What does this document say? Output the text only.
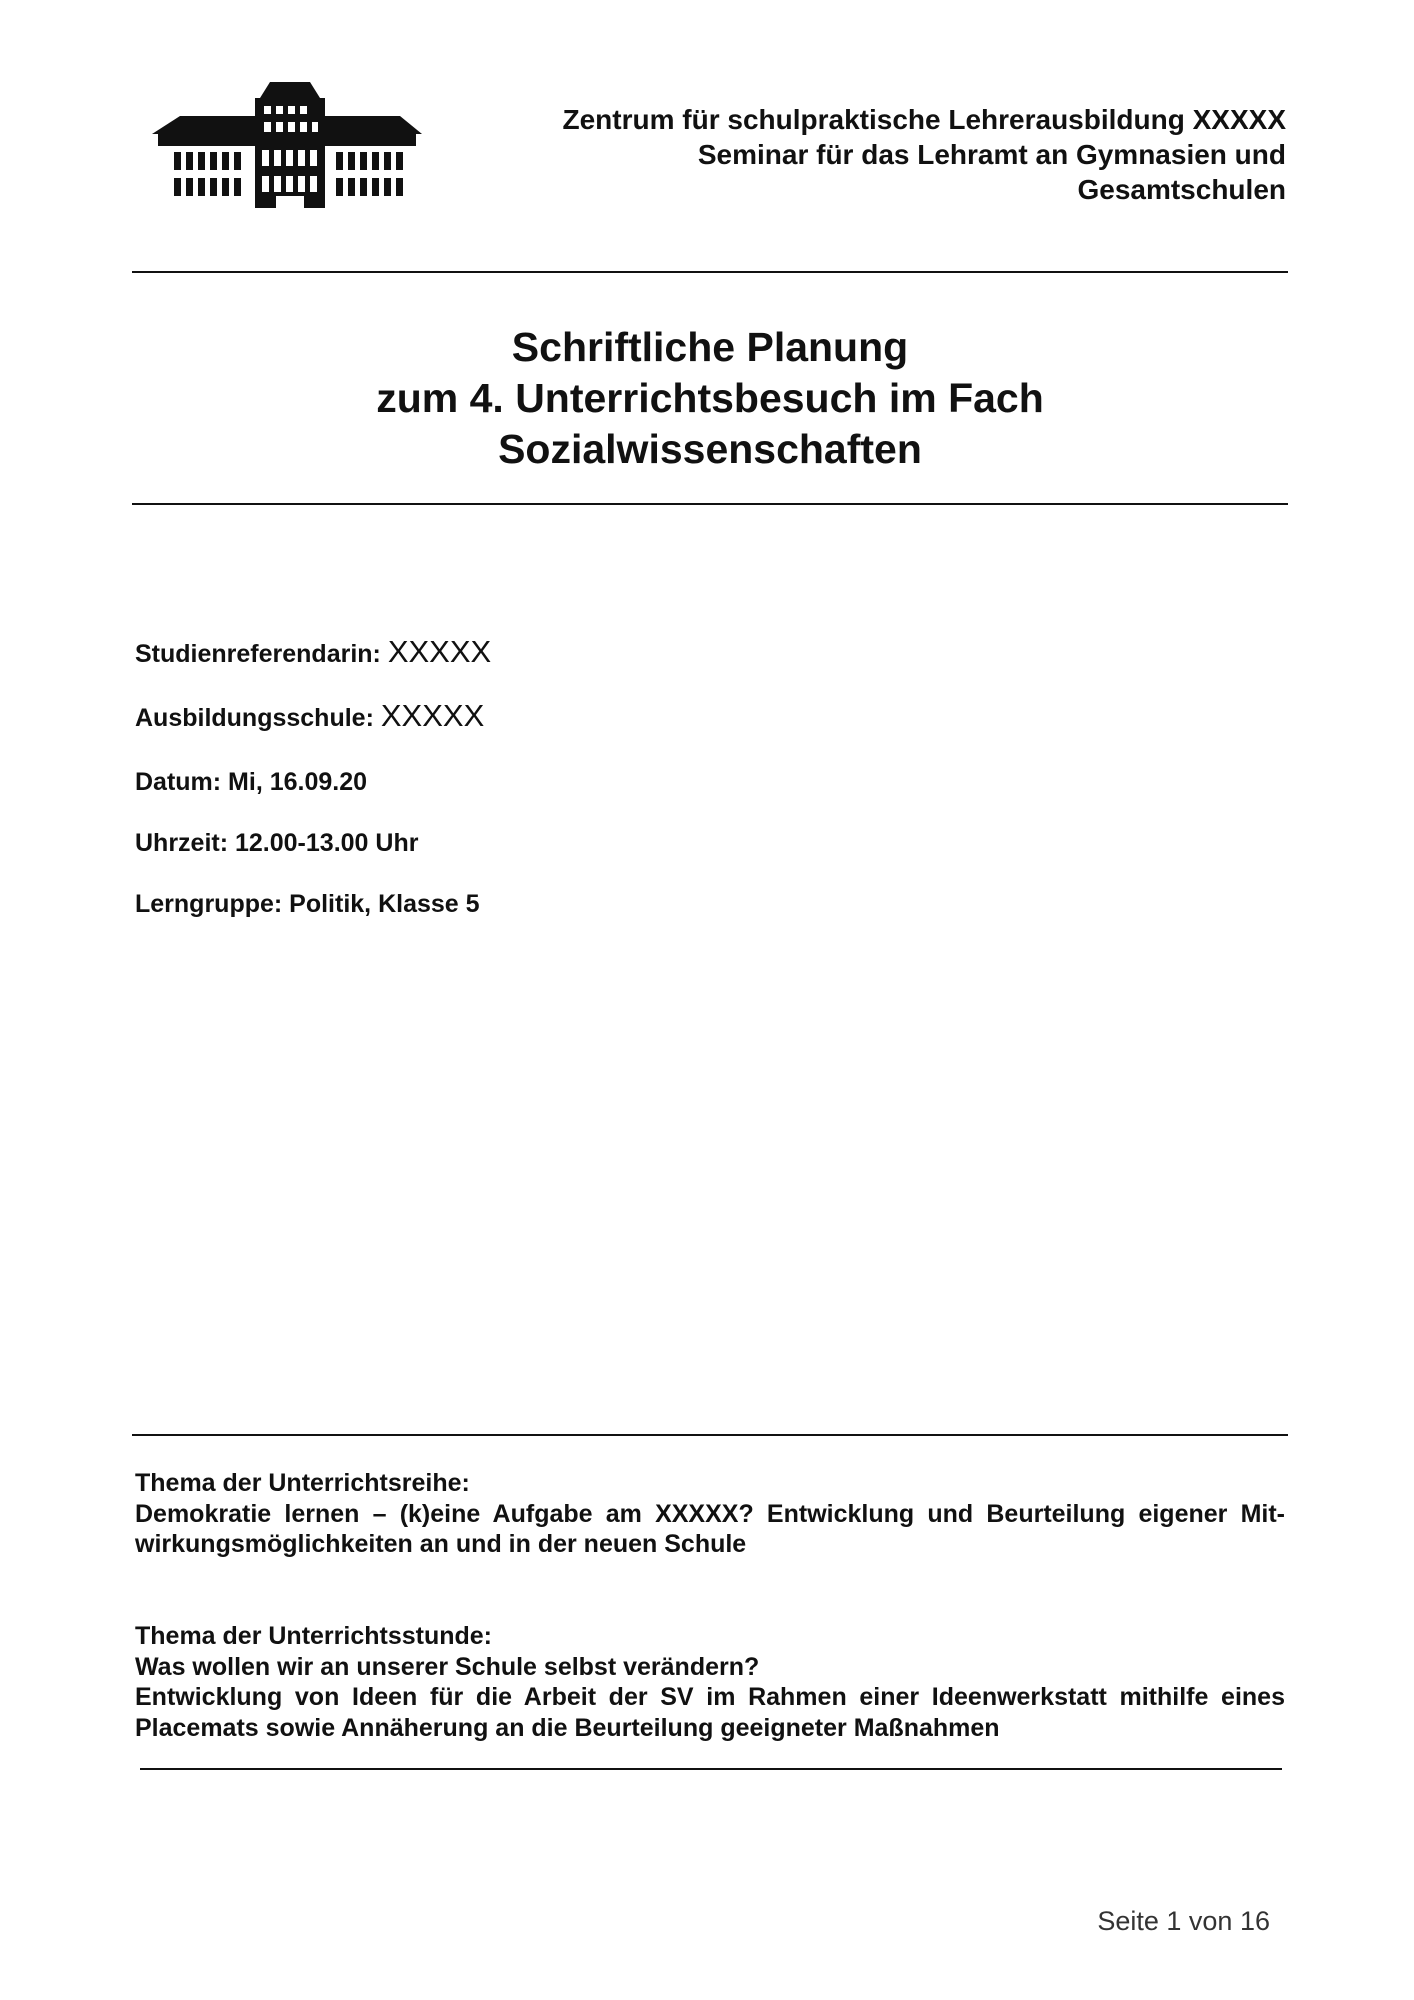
Zentrum für schulpraktische Lehrerausbildung XXXXX
Seminar für das Lehramt an Gymnasien und
Gesamtschulen
Schriftliche Planung
zum 4. Unterrichtsbesuch im Fach
Sozialwissenschaften
Studienreferendarin: XXXXX
Ausbildungsschule: XXXXX
Datum: Mi, 16.09.20
Uhrzeit: 12.00-13.00 Uhr
Lerngruppe: Politik, Klasse 5
Thema der Unterrichtsreihe:
Demokratie lernen – (k)eine Aufgabe am XXXXX? Entwicklung und Beurteilung eigener Mit-
wirkungsmöglichkeiten an und in der neuen Schule
Thema der Unterrichtsstunde:
Was wollen wir an unserer Schule selbst verändern?
Entwicklung von Ideen für die Arbeit der SV im Rahmen einer Ideenwerkstatt mithilfe eines
Placemats sowie Annäherung an die Beurteilung geeigneter Maßnahmen
Seite 1 von 16
